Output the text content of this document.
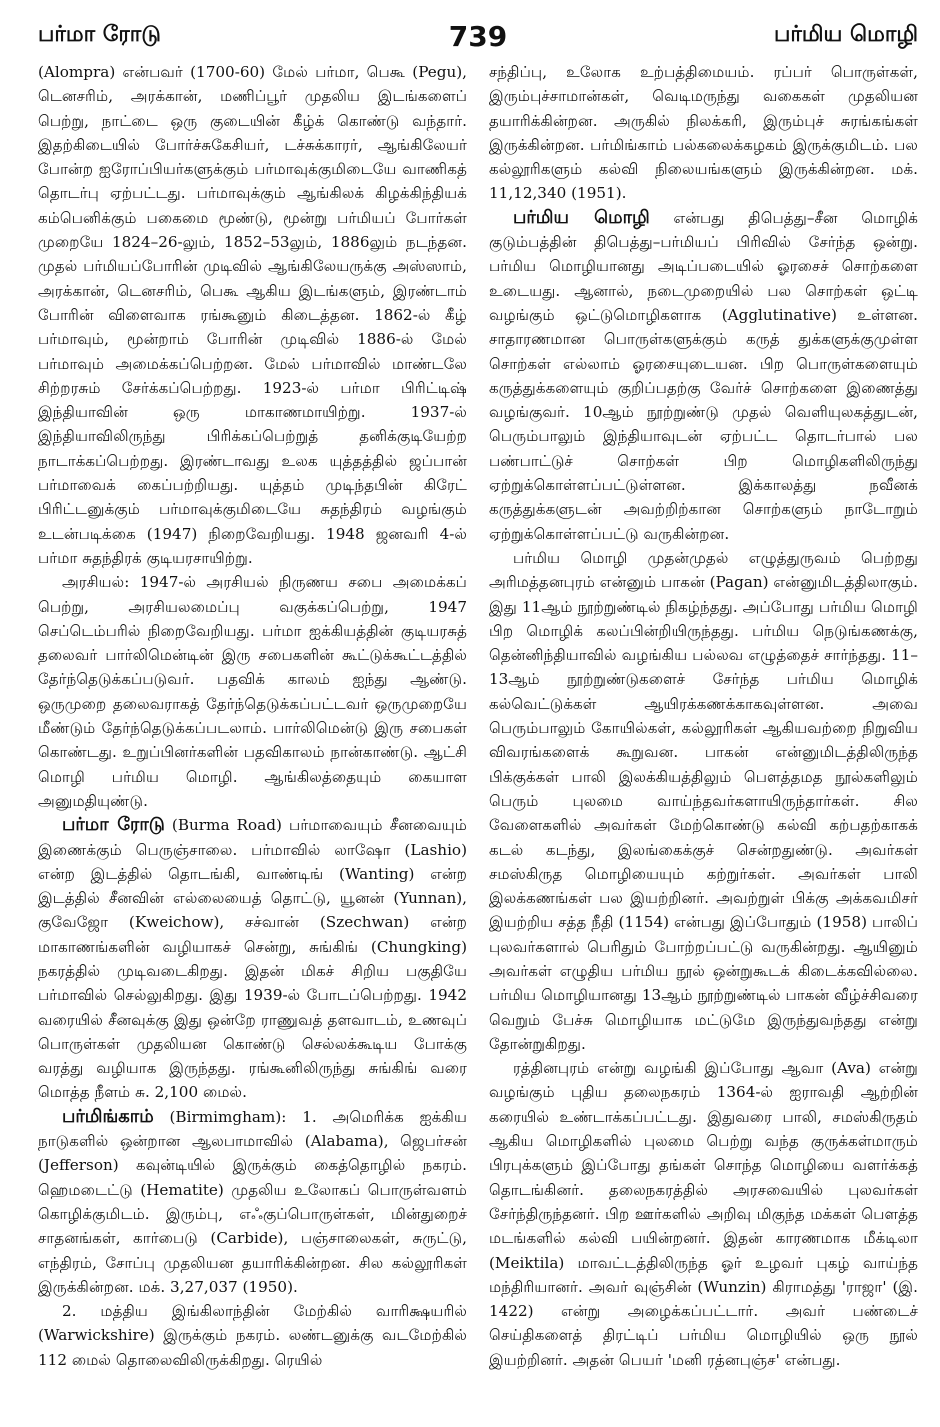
பர்மா ரோடு	739	பர்மிய மொழி

(Alompra) என்பவர் (1700-60) மேல் பர்மா, பெகூ (Pegu), டெனசரிம், அரக்கான், மணிப்பூர் முதலிய இடங்களைப் பெற்று, நாட்டை ஒரு குடையின் கீழ்க் கொண்டு வந்தார். இதற்கிடையில் போர்ச்சுகேசியர், டச்சுக்காரர், ஆங்கிலேயர் போன்ற ஐரோப்பியர்களுக்கும் பர்மாவுக்குமிடையே வாணிகத் தொடர்பு ஏற்பட்டது. பர்மாவுக்கும் ஆங்கிலக் கிழக்கிந்தியக் கம்பெனிக்கும் பகைமை மூண்டு, மூன்று பர்மியப் போர்கள் முறையே 1824–26-லும், 1852–53லும், 1886லும் நடந்தன. முதல் பர்மியப்போரின் முடிவில் ஆங்கிலேயருக்கு அஸ்ஸாம், அரக்கான், டெனசரிம், பெகூ ஆகிய இடங்களும், இரண்டாம் போரின் விளைவாக ரங்கூனும் கிடைத்தன. 1862-ல் கீழ் பர்மாவும், மூன்றாம் போரின் முடிவில் 1886-ல் மேல் பர்மாவும் அமைக்கப்பெற்றன. மேல் பர்மாவில் மாண்டலே சிற்றரசும் சேர்க்கப்பெற்றது. 1923-ல் பர்மா பிரிட்டிஷ் இந்தியாவின் ஒரு மாகாணமாயிற்று. 1937-ல் இந்தியாவிலிருந்து பிரிக்கப்பெற்றுத் தனிக்குடியேற்ற நாடாக்கப்பெற்றது. இரண்டாவது உலக யுத்தத்தில் ஜப்பான் பர்மாவைக் கைப்பற்றியது. யுத்தம் முடிந்தபின் கிரேட் பிரிட்டனுக்கும் பர்மாவுக்குமிடையே சுதந்திரம் வழங்கும் உடன்படிக்கை (1947) நிறைவேறியது. 1948 ஜனவரி 4-ல் பர்மா சுதந்திரக் குடியரசாயிற்று.

அரசியல்: 1947-ல் அரசியல் நிருணய சபை அமைக்கப் பெற்று, அரசியலமைப்பு வகுக்கப்பெற்று, 1947 செப்டெம்பரில் நிறைவேறியது. பர்மா ஐக்கியத்தின் குடியரசுத் தலைவர் பார்லிமென்டின் இரு சபைகளின் கூட்டுக்கூட்டத்தில் தேர்ந்தெடுக்கப்படுவர். பதவிக் காலம் ஐந்து ஆண்டு. ஒருமுறை தலைவராகத் தேர்ந்தெடுக்கப்பட்டவர் ஒருமுறையே மீண்டும் தேர்ந்தெடுக்கப்படலாம். பார்லிமென்டு இரு சபைகள் கொண்டது. உறுப்பினர்களின் பதவிகாலம் நான்காண்டு. ஆட்சி மொழி பர்மிய மொழி. ஆங்கிலத்தையும் கையாள அனுமதியுண்டு.

பர்மா ரோடு (Burma Road) பர்மாவையும் சீனவையும் இணைக்கும் பெருஞ்சாலை. பர்மாவில் லாஷோ (Lashio) என்ற இடத்தில் தொடங்கி, வாண்டிங் (Wanting) என்ற இடத்தில் சீனவின் எல்லையைத் தொட்டு, யூனன் (Yunnan), குவேஜோ (Kweichow), சச்வான் (Szechwan) என்ற மாகாணங்களின் வழியாகச் சென்று, சுங்கிங் (Chungking) நகரத்தில் முடிவடைகிறது. இதன் மிகச் சிறிய பகுதியே பர்மாவில் செல்லுகிறது. இது 1939-ல் போடப்பெற்றது. 1942 வரையில் சீனவுக்கு இது ஒன்றே ராணுவத் தளவாடம், உணவுப் பொருள்கள் முதலியன கொண்டு செல்லக்கூடிய போக்கு வரத்து வழியாக இருந்தது. ரங்கூனிலிருந்து சுங்கிங் வரை மொத்த நீளம் சு. 2,100 மைல்.

பர்மிங்காம் (Birmimgham): 1. அமெரிக்க ஐக்கிய நாடுகளில் ஒன்றான ஆலபாமாவில் (Alabama), ஜெபர்சன் (Jefferson) கவுன்டியில் இருக்கும் கைத்தொழில் நகரம். ஹெமடைட்டு (Hematite) முதலிய உலோகப் பொருள்வளம் கொழிக்குமிடம். இரும்பு, எஃகுப்பொருள்கள், மின்துறைச் சாதனங்கள், கார்பைடு (Carbide), பஞ்சாலைகள், சுருட்டு, எந்திரம், சோப்பு முதலியன தயாரிக்கின்றன. சில கல்லூரிகள் இருக்கின்றன. மக். 3,27,037 (1950).

2. மத்திய இங்கிலாந்தின் மேற்கில் வாரிக்ஷயரில் (Warwickshire) இருக்கும் நகரம். லண்டனுக்கு வடமேற்கில் 112 மைல் தொலைவிலிருக்கிறது. ரெயில்

சந்திப்பு, உலோக உற்பத்திமையம். ரப்பர் பொருள்கள், இரும்புச்சாமான்கள், வெடிமருந்து வகைகள் முதலியன தயாரிக்கின்றன. அருகில் நிலக்கரி, இரும்புச் சுரங்கங்கள் இருக்கின்றன. பர்மிங்காம் பல்கலைக்கழகம் இருக்குமிடம். பல கல்லூரிகளும் கல்வி நிலையங்களும் இருக்கின்றன. மக். 11,12,340 (1951).

பர்மிய மொழி என்பது திபெத்து–சீன மொழிக் குடும்பத்தின் திபெத்து–பர்மியப் பிரிவில் சேர்ந்த ஒன்று. பர்மிய மொழியானது அடிப்படையில் ஓரசைச் சொற்களை உடையது. ஆனால், நடைமுறையில் பல சொற்கள் ஒட்டி வழங்கும் ஒட்டுமொழிகளாக (Agglutinative) உள்ளன. சாதாரணமான பொருள்களுக்கும் கருத் துக்களுக்குமுள்ள சொற்கள் எல்லாம் ஓரசையுடையன. பிற பொருள்களையும் கருத்துக்களையும் குறிப்பதற்கு வேர்ச் சொற்களை இணைத்து வழங்குவர். 10ஆம் நூற்றுண்டு முதல் வெளியுலகத்துடன், பெரும்பாலும் இந்தியாவுடன் ஏற்பட்ட தொடர்பால் பல பண்பாட்டுச் சொற்கள் பிற மொழிகளிலிருந்து ஏற்றுக்கொள்ளப்பட்டுள்ளன. இக்காலத்து நவீனக் கருத்துக்களுடன் அவற்றிற்கான சொற்களும் நாடோறும் ஏற்றுக்கொள்ளப்பட்டு வருகின்றன.

பர்மிய மொழி முதன்முதல் எழுத்துருவம் பெற்றது அரிமத்தனபுரம் என்னும் பாகன் (Pagan) என்னுமிடத்திலாகும். இது 11ஆம் நூற்றுண்டில் நிகழ்ந்தது. அப்போது பர்மிய மொழி பிற மொழிக் கலப்பின்றியிருந்தது. பர்மிய நெடுங்கணக்கு, தென்னிந்தியாவில் வழங்கிய பல்லவ எழுத்தைச் சார்ந்தது. 11–13ஆம் நூற்றுண்டுகளைச் சேர்ந்த பர்மிய மொழிக் கல்வெட்டுக்கள் ஆயிரக்கணக்காகவுள்ளன. அவை பெரும்பாலும் கோயில்கள், கல்லூரிகள் ஆகியவற்றை நிறுவிய விவரங்களைக் கூறுவன. பாகன் என்னுமிடத்திலிருந்த பிக்குக்கள் பாலி இலக்கியத்திலும் பௌத்தமத நூல்களிலும் பெரும் புலமை வாய்ந்தவர்களாயிருந்தார்கள். சில வேளைகளில் அவர்கள் மேற்கொண்டு கல்வி கற்பதற்காகக் கடல் கடந்து, இலங்கைக்குச் சென்றதுண்டு. அவர்கள் சமஸ்கிருத மொழியையும் கற்றுர்கள். அவர்கள் பாலி இலக்கணங்கள் பல இயற்றினர். அவற்றுள் பிக்கு அக்கவமிசர் இயற்றிய சத்த நீதி (1154) என்பது இப்போதும் (1958) பாலிப் புலவர்களால் பெரிதும் போற்றப்பட்டு வருகின்றது. ஆயினும் அவர்கள் எழுதிய பர்மிய நூல் ஒன்றுகூடக் கிடைக்கவில்லை. பர்மிய மொழியானது 13ஆம் நூற்றுண்டில் பாகன் வீழ்ச்சிவரை வெறும் பேச்சு மொழியாக மட்டுமே இருந்துவந்தது என்று தோன்றுகிறது.

ரத்தினபுரம் என்று வழங்கி இப்போது ஆவா (Ava) என்று வழங்கும் புதிய தலைநகரம் 1364-ல் ஐராவதி ஆற்றின் கரையில் உண்டாக்கப்பட்டது. இதுவரை பாலி, சமஸ்கிருதம் ஆகிய மொழிகளில் புலமை பெற்று வந்த குருக்கள்மாரும் பிரபுக்களும் இப்போது தங்கள் சொந்த மொழியை வளர்க்கத் தொடங்கினர். தலைநகரத்தில் அரசவையில் புலவர்கள் சேர்ந்திருந்தனர். பிற ஊர்களில் அறிவு மிகுந்த மக்கள் பௌத்த மடங்களில் கல்வி பயின்றனர். இதன் காரணமாக மீக்டிலா (Meiktila) மாவட்டத்திலிருந்த ஓர் உழவர் புகழ் வாய்ந்த மந்திரியானர். அவர் வுஞ்சின் (Wunzin) கிராமத்து 'ராஜா' (இ. 1422) என்று அழைக்கப்பட்டார். அவர் பண்டைச் செய்திகளைத் திரட்டிப் பர்மிய மொழியில் ஒரு நூல் இயற்றினர். அதன் பெயர் 'மனி ரத்னபுஞ்ச' என்பது.
